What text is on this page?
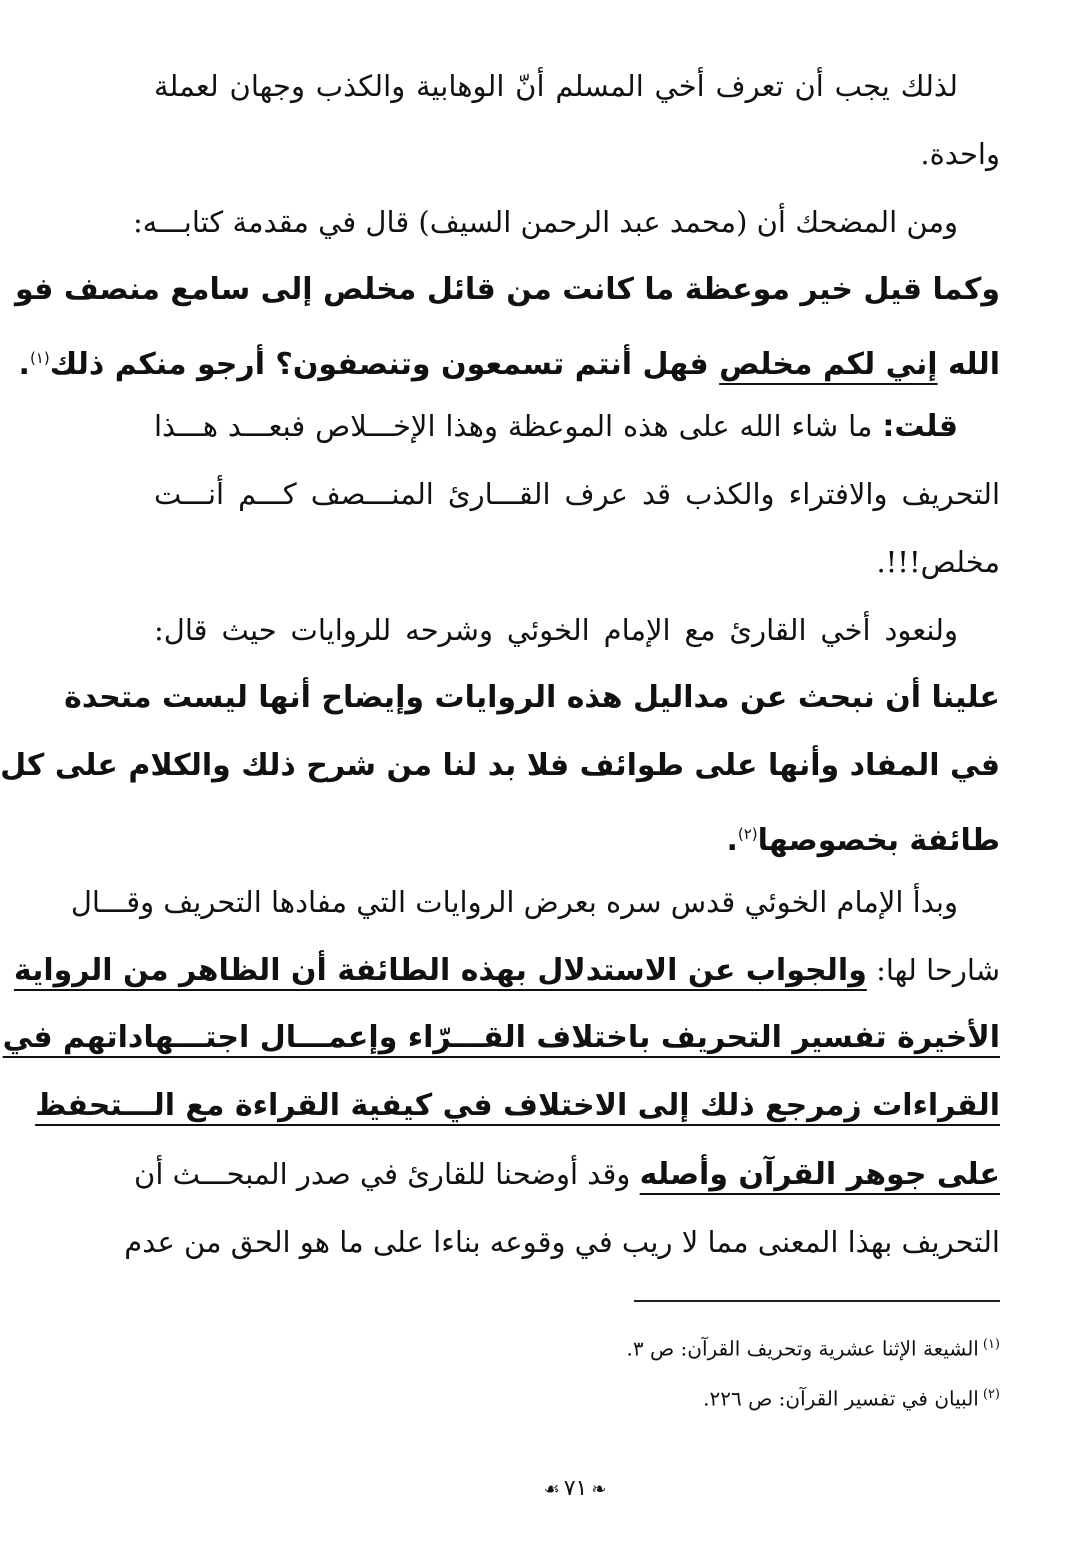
لذلك يجب أن تعرف أخي المسلم أنّ الوهابية والكذب وجهان لعملة
واحدة.
ومن المضحك أن (محمد عبد الرحمن السيف) قال في مقدمة كتابـــه:
وكما قيل خير موعظة ما كانت من قائل مخلص إلى سامع منصف فو
الله إني لكم مخلص فهل أنتم تسمعون وتنصفون؟ أرجو منكم ذلك$^{(١)}$.
قلت: ما شاء الله على هذه الموعظة وهذا الإخـــلاص فبعـــد هـــذا
التحريف والافتراء والكذب قد عرف القـــارئ المنـــصف كـــم أنـــت
مخلص!!!.
ولنعود أخي القارئ مع الإمام الخوئي وشرحه للروايات حيث قال:
علينا أن نبحث عن مداليل هذه الروايات وإيضاح أنها ليست متحدة
في المفاد وأنها على طوائف فلا بد لنا من شرح ذلك والكلام على كل
طائفة بخصوصها$^{(٢)}$.
وبدأ الإمام الخوئي قدس سره بعرض الروايات التي مفادها التحريف وقـــال
شارحا لها: والجواب عن الاستدلال بهذه الطائفة أن الظاهر من الرواية
الأخيرة تفسير التحريف باختلاف القـــرّاء وإعمـــال اجتـــهاداتهم في
القراءات زمرجع ذلك إلى الاختلاف في كيفية القراءة مع الـــتحفظ
على جوهر القرآن وأصله وقد أوضحنا للقارئ في صدر المبحـــث أن
التحريف بهذا المعنى مما لا ريب في وقوعه بناءا على ما هو الحق من عدم
$^{(١)}$الشيعة الإثنا عشرية وتحريف القرآن: ص ٣.
$^{(٢)}$البيان في تفسير القرآن: ص ٢٢٦.
❧٧١☙
